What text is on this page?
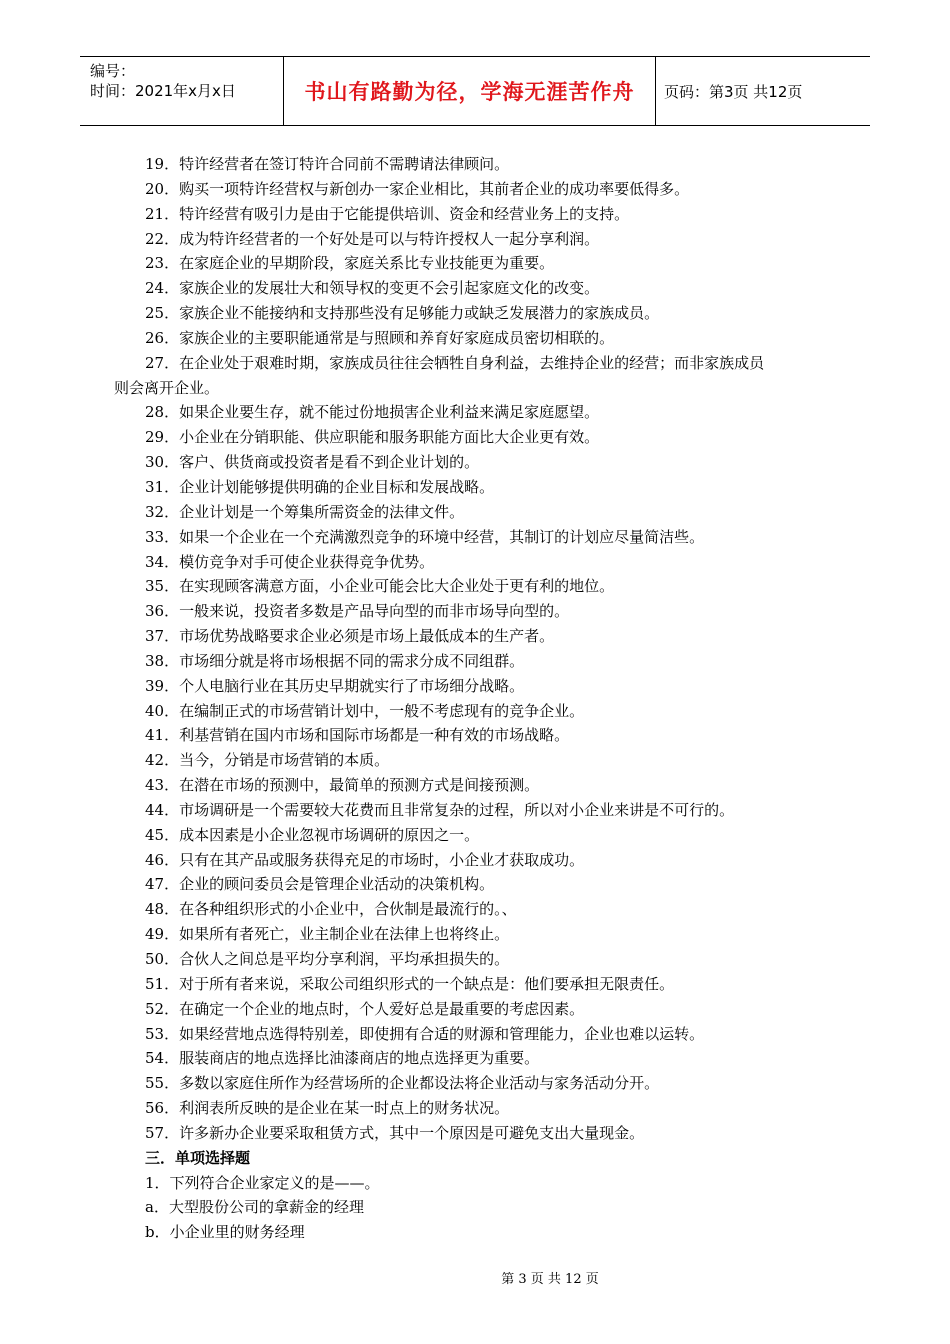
编号：
时间：2021年x月x日	书山有路勤为径，学海无涯苦作舟	页码：第3页 共12页
19．特许经营者在签订特许合同前不需聘请法律顾问。
20．购买一项特许经营权与新创办一家企业相比，其前者企业的成功率要低得多。
21．特许经营有吸引力是由于它能提供培训、资金和经营业务上的支持。
22．成为特许经营者的一个好处是可以与特许授权人一起分享利润。
23．在家庭企业的早期阶段，家庭关系比专业技能更为重要。
24．家族企业的发展壮大和领导权的变更不会引起家庭文化的改变。
25．家族企业不能接纳和支持那些没有足够能力或缺乏发展潜力的家族成员。
26．家族企业的主要职能通常是与照顾和养育好家庭成员密切相联的。
27．在企业处于艰难时期，家族成员往往会牺牲自身利益，去维持企业的经营；而非家族成员
则会离开企业。
28．如果企业要生存，就不能过份地损害企业利益来满足家庭愿望。
29．小企业在分销职能、供应职能和服务职能方面比大企业更有效。
30．客户、供货商或投资者是看不到企业计划的。
31．企业计划能够提供明确的企业目标和发展战略。
32．企业计划是一个筹集所需资金的法律文件。
33．如果一个企业在一个充满激烈竞争的环境中经营，其制订的计划应尽量简洁些。
34．模仿竞争对手可使企业获得竞争优势。
35．在实现顾客满意方面，小企业可能会比大企业处于更有利的地位。
36．一般来说，投资者多数是产品导向型的而非市场导向型的。
37．市场优势战略要求企业必须是市场上最低成本的生产者。
38．市场细分就是将市场根据不同的需求分成不同组群。
39．个人电脑行业在其历史早期就实行了市场细分战略。
40．在编制正式的市场营销计划中，一般不考虑现有的竞争企业。
41．利基营销在国内市场和国际市场都是一种有效的市场战略。
42．当今，分销是市场营销的本质。
43．在潜在市场的预测中，最简单的预测方式是间接预测。
44．市场调研是一个需要较大花费而且非常复杂的过程，所以对小企业来讲是不可行的。
45．成本因素是小企业忽视市场调研的原因之一。
46．只有在其产品或服务获得充足的市场时，小企业才获取成功。
47．企业的顾问委员会是管理企业活动的决策机构。
48．在各种组织形式的小企业中，合伙制是最流行的。、
49．如果所有者死亡，业主制企业在法律上也将终止。
50．合伙人之间总是平均分享利润，平均承担损失的。
51．对于所有者来说，采取公司组织形式的一个缺点是：他们要承担无限责任。
52．在确定一个企业的地点时，个人爱好总是最重要的考虑因素。
53．如果经营地点选得特别差，即使拥有合适的财源和管理能力，企业也难以运转。
54．服装商店的地点选择比油漆商店的地点选择更为重要。
55．多数以家庭住所作为经营场所的企业都设法将企业活动与家务活动分开。
56．利润表所反映的是企业在某一时点上的财务状况。
57．许多新办企业要采取租赁方式，其中一个原因是可避免支出大量现金。
三．单项选择题
1．下列符合企业家定义的是——。
a．大型股份公司的拿薪金的经理
b．小企业里的财务经理
第 3 页 共 12 页
